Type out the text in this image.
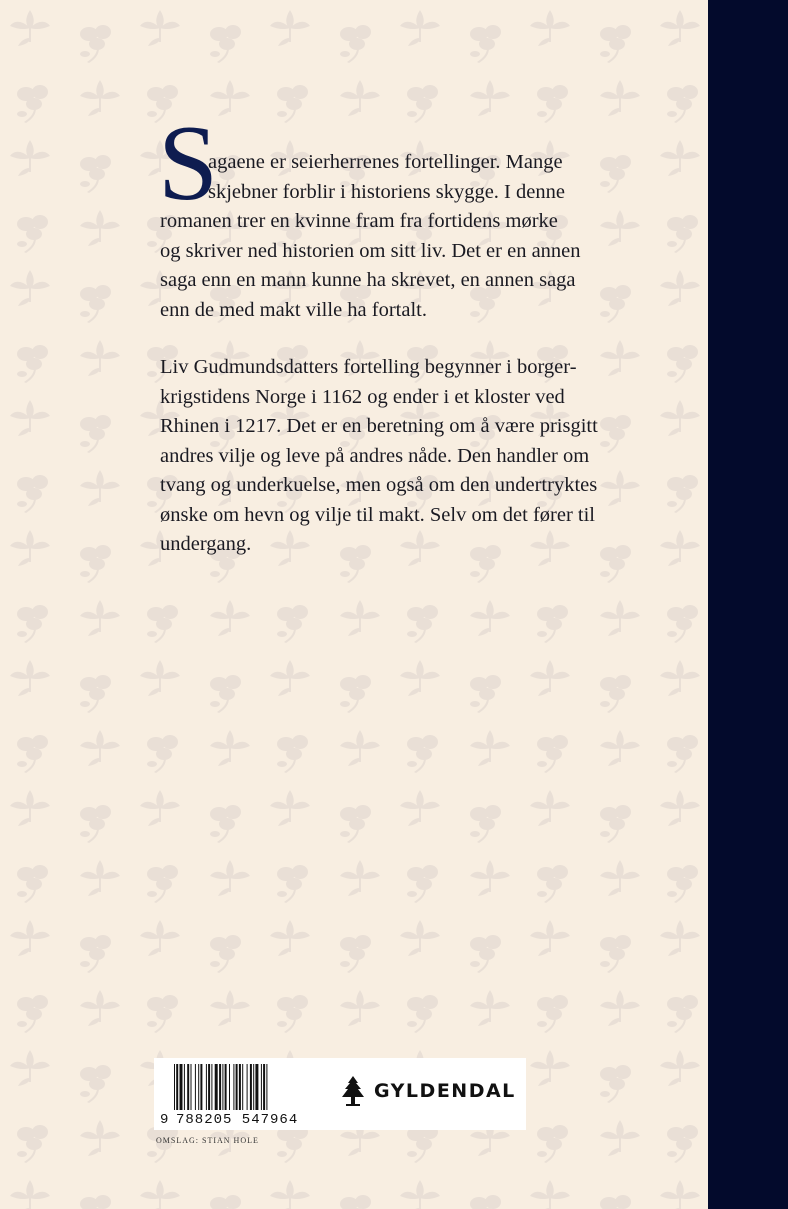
S
agaene er seierherrenes fortellinger. Mange
skjebner forblir i historiens skygge. I denne
romanen trer en kvinne fram fra fortidens mørke
og skriver ned historien om sitt liv. Det er en annen
saga enn en mann kunne ha skrevet, en annen saga
enn de med makt ville ha fortalt.
Liv Gudmundsdatters fortelling begynner i borger-
krigstidens Norge i 1162 og ender i et kloster ved
Rhinen i 1217. Det er en beretning om å være prisgitt
andres vilje og leve på andres nåde. Den handler om
tvang og underkuelse, men også om den undertryktes
ønske om hevn og vilje til makt. Selv om det fører til
undergang.
9 788205 547964
GYLDENDAL
OMSLAG: STIAN HOLE
